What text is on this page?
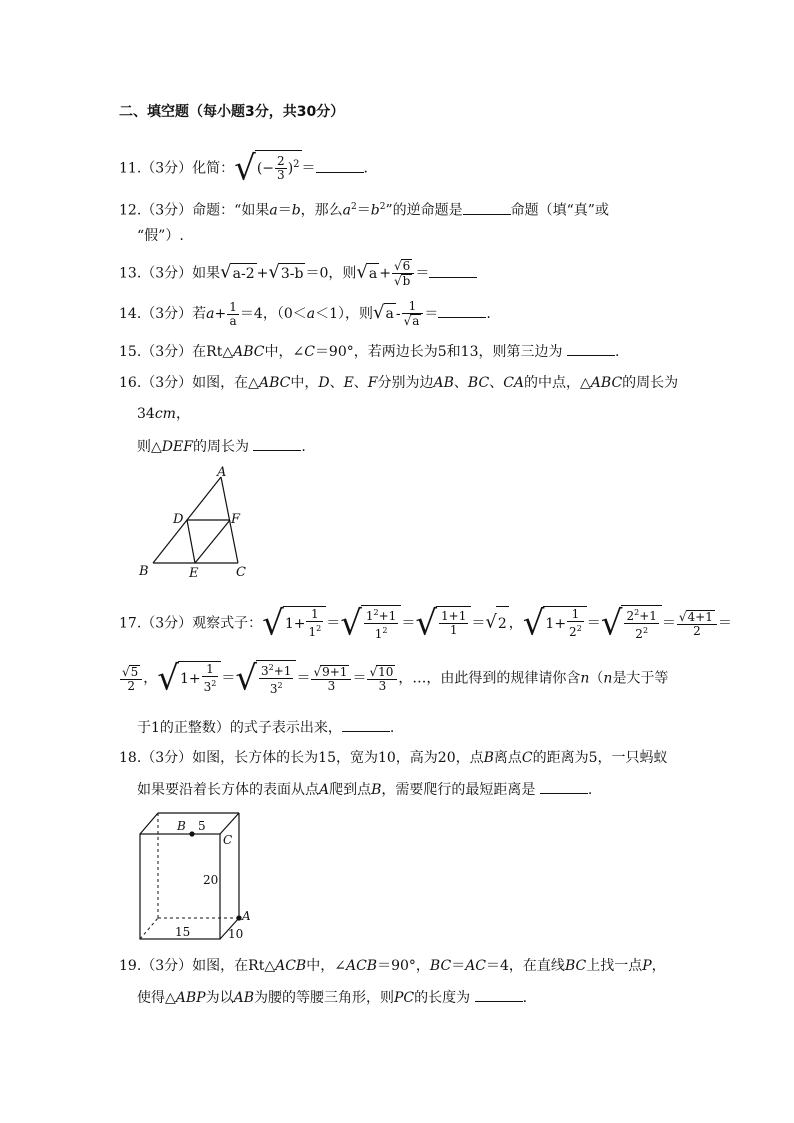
二、填空题（每小题3分，共30分）
11.（3分）化简：√(− $\frac{2}{3} )^2$ ＝	.
12.（3分）命题：“如果a＝b，那么$a^2=b^2$”的逆命题是	命题（填“真”或
“假”）.
13.（3分）如果√a-2 +√3-b ＝0，则$√a + \frac{√6}{√b}$ ＝
14.（3分）若$a+ \frac{1}{a} =4$，（0＜a＜1），则$√a - \frac{1}{√a}$ ＝	.
15.（3分）在Rt△ABC中，∠C＝90°，若两边长为5和13，则第三边为	.
16.（3分）如图，在△ABC中，D、E、F分别为边AB、BC、CA的中点，△ABC的周长为
34cm，
则△DEF的周长为	.
A
B	C
D
E
F
17.（3分）观察式子：$√1+ \frac{1}{1^2}$ ＝√ $\frac{1^2+1}{1^2}$ ＝√ $\frac{1+1}{1} =√2$ ，$√1+ \frac{1}{2^2}$ ＝√ $\frac{2^2+1}{2^2} = \frac{√4+1}{2}$ ＝
$\frac{√5}{2}$ ，$√1+ \frac{1}{3^2}$ ＝√ $\frac{3^2+1}{3^2} = \frac{√9+1}{3} = \frac{√10}{3}$ ，…，由此得到的规律请你含n（n是大于等
于1的正整数）的式子表示出来，	.
18.（3分）如图，长方体的长为15，宽为10，高为20，点B离点C的距离为5，一只蚂蚁
如果要沿着长方体的表面从点A爬到点B，需要爬行的最短距离是	.
B 5
C
20
A
15	10
19.（3分）如图，在Rt△ACB中，∠ACB＝90°，BC＝AC＝4，在直线BC上找一点P，
使得△ABP为以AB为腰的等腰三角形，则PC的长度为	.
